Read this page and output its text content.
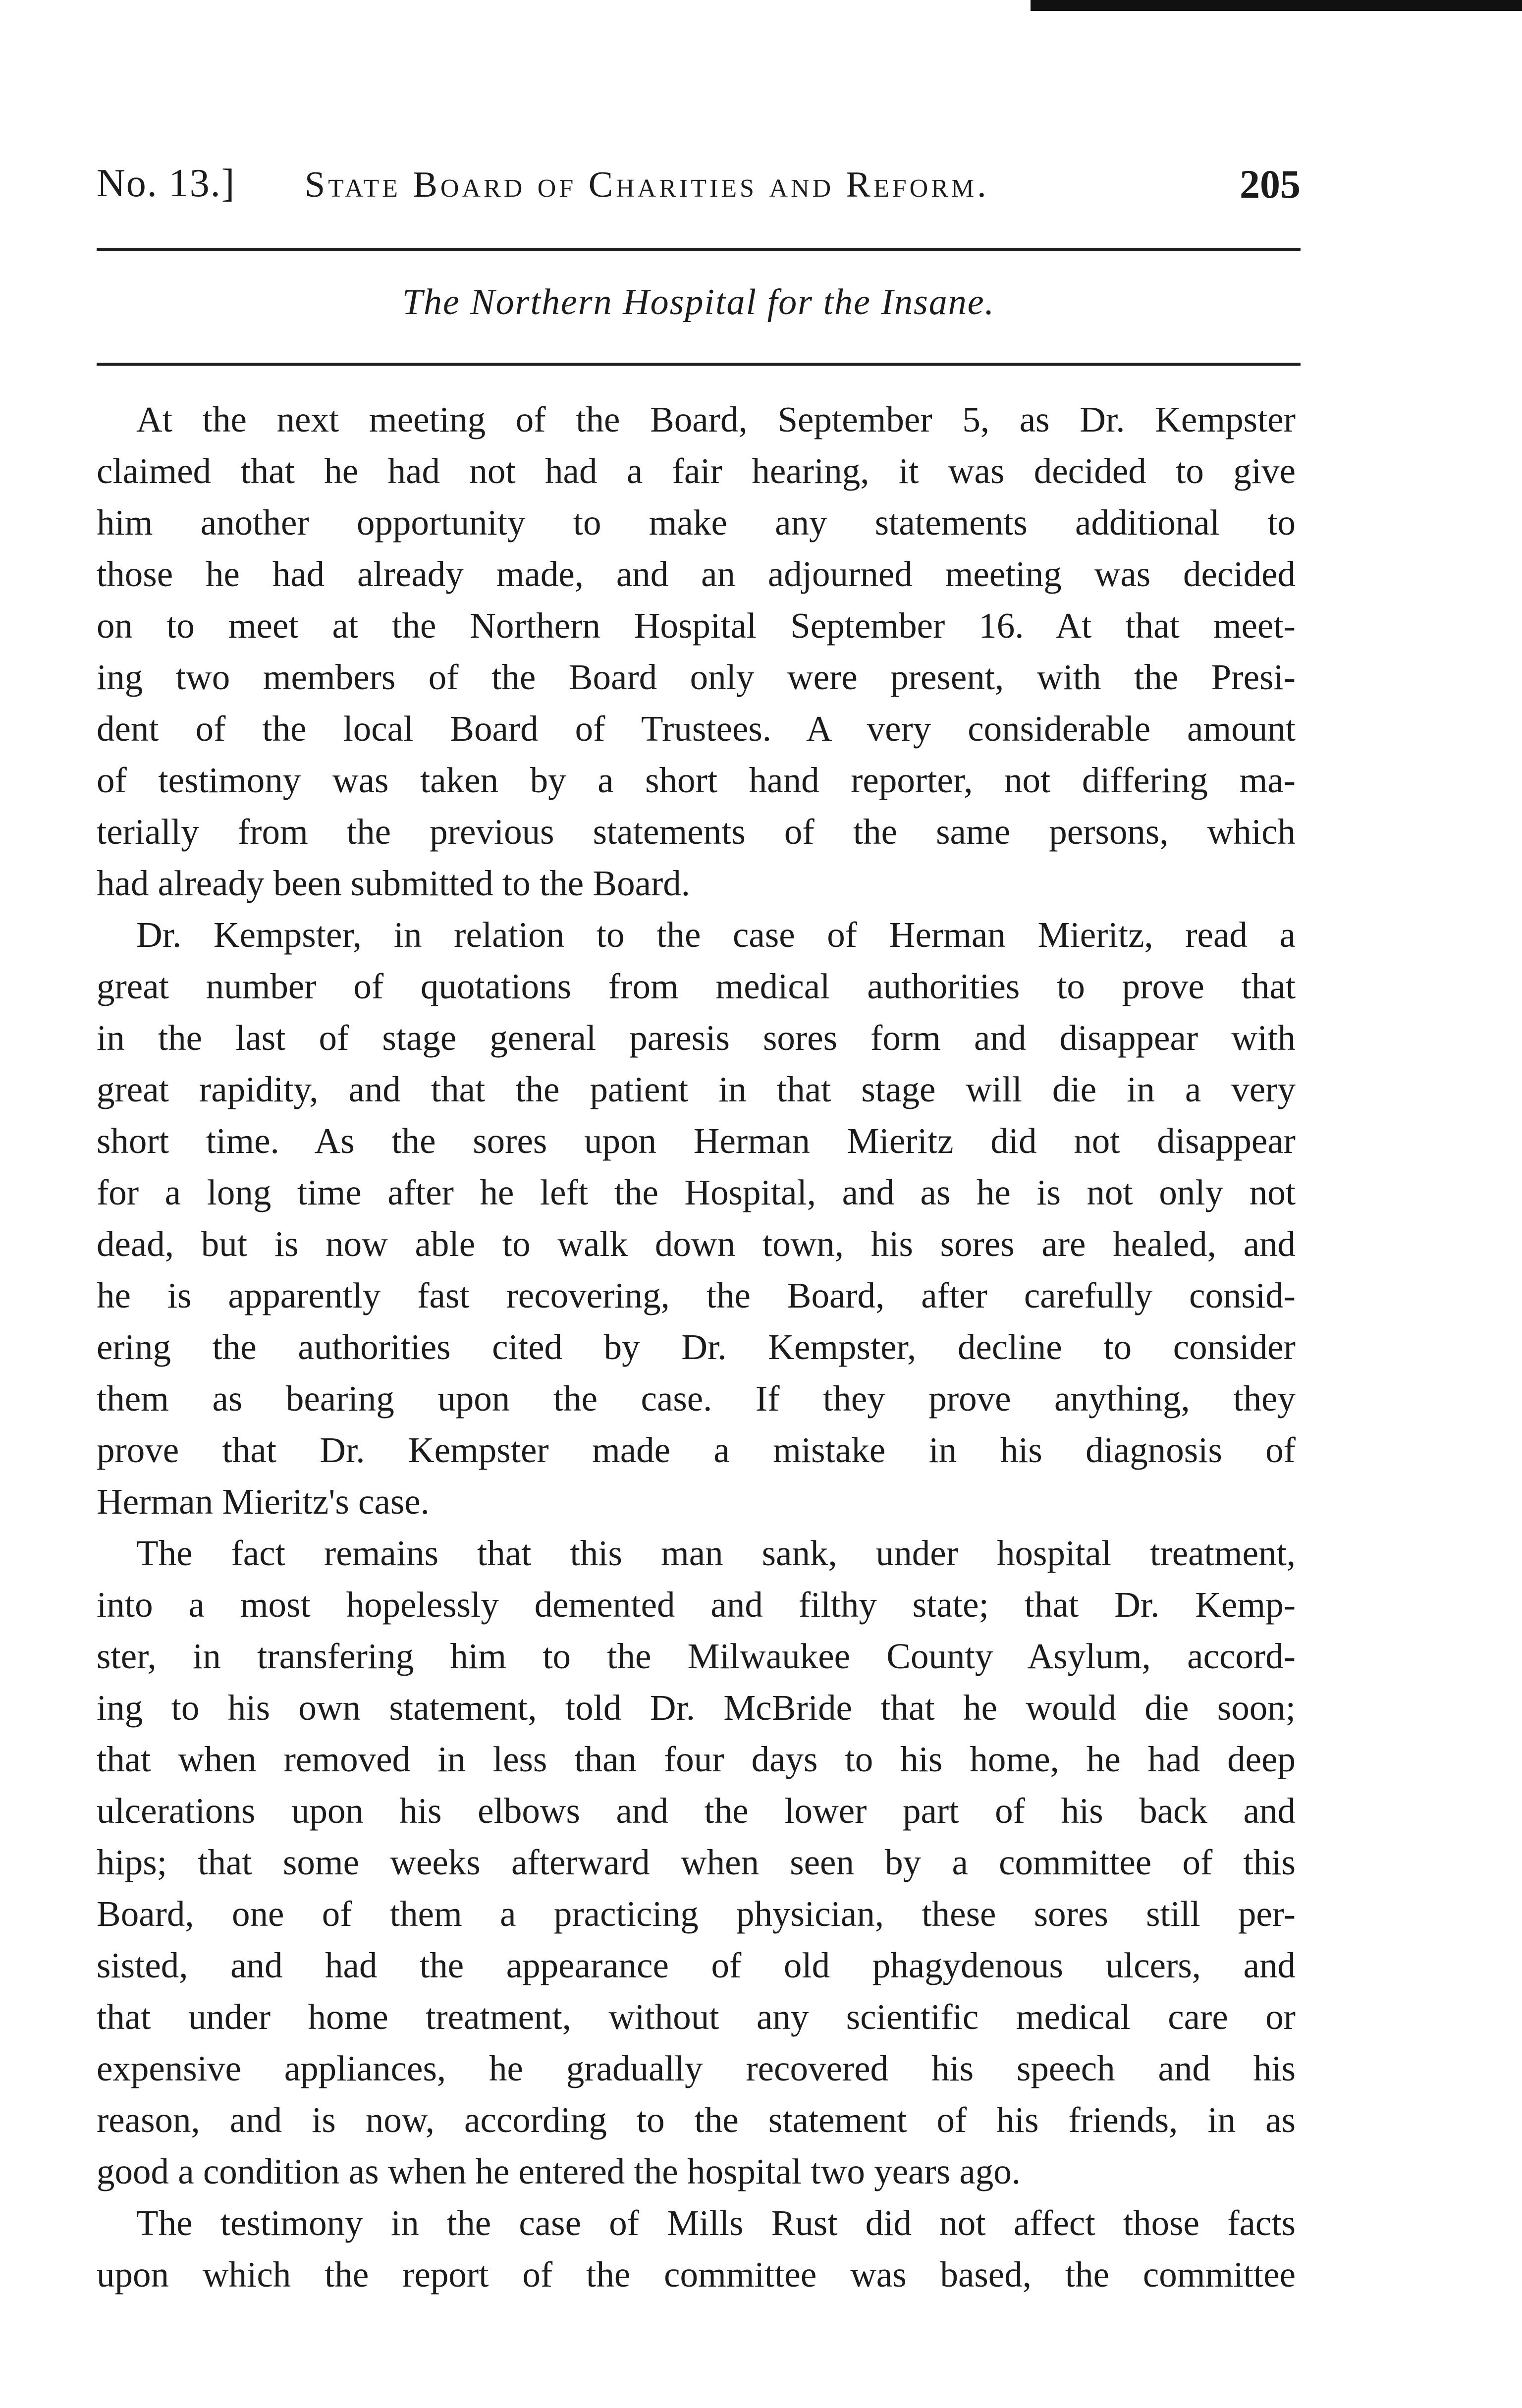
No. 13.] State Board of Charities and Reform.	205
The Northern Hospital for the Insane.
At the next meeting of the Board, September 5, as Dr. Kempster
claimed that he had not had a fair hearing, it was decided to give
him another opportunity to make any statements additional to
those he had already made, and an adjourned meeting was decided
on to meet at the Northern Hospital September 16. At that meet-
ing two members of the Board only were present, with the Presi-
dent of the local Board of Trustees. A very considerable amount
of testimony was taken by a short hand reporter, not differing ma-
terially from the previous statements of the same persons, which
had already been submitted to the Board.
Dr. Kempster, in relation to the case of Herman Mieritz, read a
great number of quotations from medical authorities to prove that
in the last of stage general paresis sores form and disappear with
great rapidity, and that the patient in that stage will die in a very
short time. As the sores upon Herman Mieritz did not disappear
for a long time after he left the Hospital, and as he is not only not
dead, but is now able to walk down town, his sores are healed, and
he is apparently fast recovering, the Board, after carefully consid-
ering the authorities cited by Dr. Kempster, decline to consider
them as bearing upon the case. If they prove anything, they
prove that Dr. Kempster made a mistake in his diagnosis of
Herman Mieritz's case.
The fact remains that this man sank, under hospital treatment,
into a most hopelessly demented and filthy state; that Dr. Kemp-
ster, in transfering him to the Milwaukee County Asylum, accord-
ing to his own statement, told Dr. McBride that he would die soon;
that when removed in less than four days to his home, he had deep
ulcerations upon his elbows and the lower part of his back and
hips; that some weeks afterward when seen by a committee of this
Board, one of them a practicing physician, these sores still per-
sisted, and had the appearance of old phagydenous ulcers, and
that under home treatment, without any scientific medical care or
expensive appliances, he gradually recovered his speech and his
reason, and is now, according to the statement of his friends, in as
good a condition as when he entered the hospital two years ago.
The testimony in the case of Mills Rust did not affect those facts
upon which the report of the committee was based, the committee
